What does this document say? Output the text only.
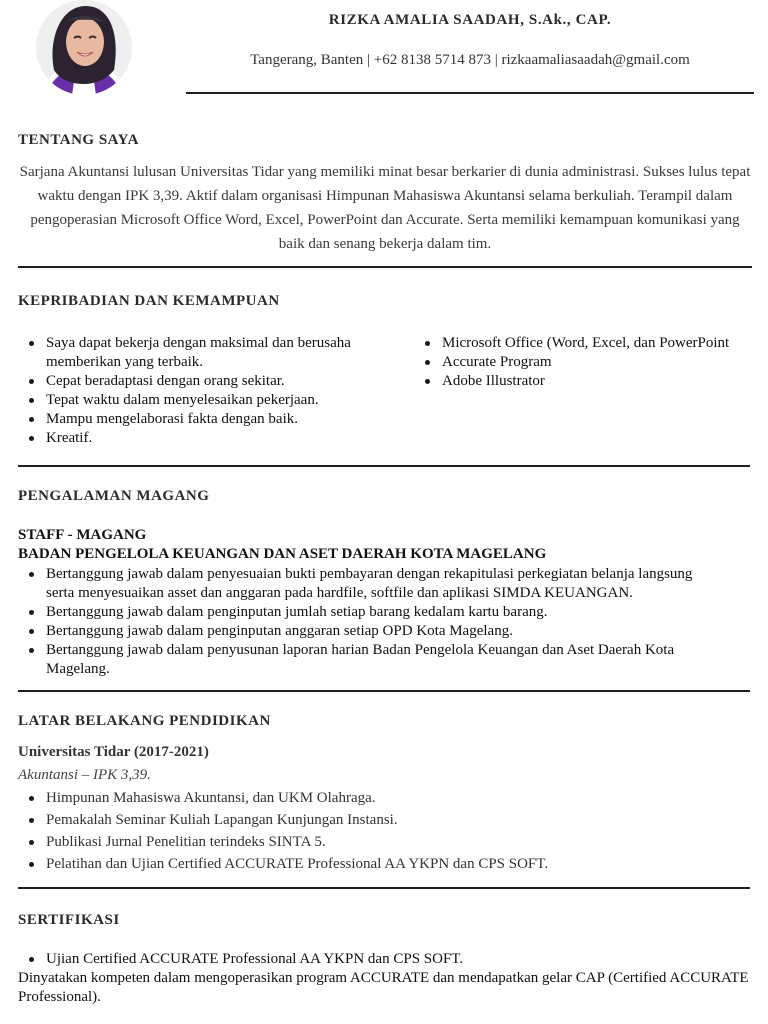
RIZKA AMALIA SAADAH, S.Ak., CAP.
Tangerang, Banten | +62 8138 5714 873 | rizkaamaliasaadah@gmail.com
TENTANG SAYA
Sarjana Akuntansi lulusan Universitas Tidar yang memiliki minat besar berkarier di dunia administrasi. Sukses lulus tepat waktu dengan IPK 3,39. Aktif dalam organisasi Himpunan Mahasiswa Akuntansi selama berkuliah. Terampil dalam pengoperasian Microsoft Office Word, Excel, PowerPoint dan Accurate. Serta memiliki kemampuan komunikasi yang baik dan senang bekerja dalam tim.
KEPRIBADIAN DAN KEMAMPUAN
Saya dapat bekerja dengan maksimal dan berusaha memberikan yang terbaik.
Cepat beradaptasi dengan orang sekitar.
Tepat waktu dalam menyelesaikan pekerjaan.
Mampu mengelaborasi fakta dengan baik.
Kreatif.
Microsoft Office (Word, Excel, dan PowerPoint
Accurate Program
Adobe Illustrator
PENGALAMAN MAGANG
STAFF - MAGANG
BADAN PENGELOLA KEUANGAN DAN ASET DAERAH KOTA MAGELANG
Bertanggung jawab dalam penyesuaian bukti pembayaran dengan rekapitulasi perkegiatan belanja langsung
serta menyesuaikan asset dan anggaran pada hardfile, softfile dan aplikasi SIMDA KEUANGAN.
Bertanggung jawab dalam penginputan jumlah setiap barang kedalam kartu barang.
Bertanggung jawab dalam penginputan anggaran setiap OPD Kota Magelang.
Bertanggung jawab dalam penyusunan laporan harian Badan Pengelola Keuangan dan Aset Daerah Kota
Magelang.
LATAR BELAKANG PENDIDIKAN
Universitas Tidar (2017-2021)
Akuntansi – IPK 3,39.
Himpunan Mahasiswa Akuntansi, dan UKM Olahraga.
Pemakalah Seminar Kuliah Lapangan Kunjungan Instansi.
Publikasi Jurnal Penelitian terindeks SINTA 5.
Pelatihan dan Ujian Certified ACCURATE Professional AA YKPN dan CPS SOFT.
SERTIFIKASI
Ujian Certified ACCURATE Professional AA YKPN dan CPS SOFT.
Dinyatakan kompeten dalam mengoperasikan program ACCURATE dan mendapatkan gelar CAP (Certified ACCURATE Professional).
